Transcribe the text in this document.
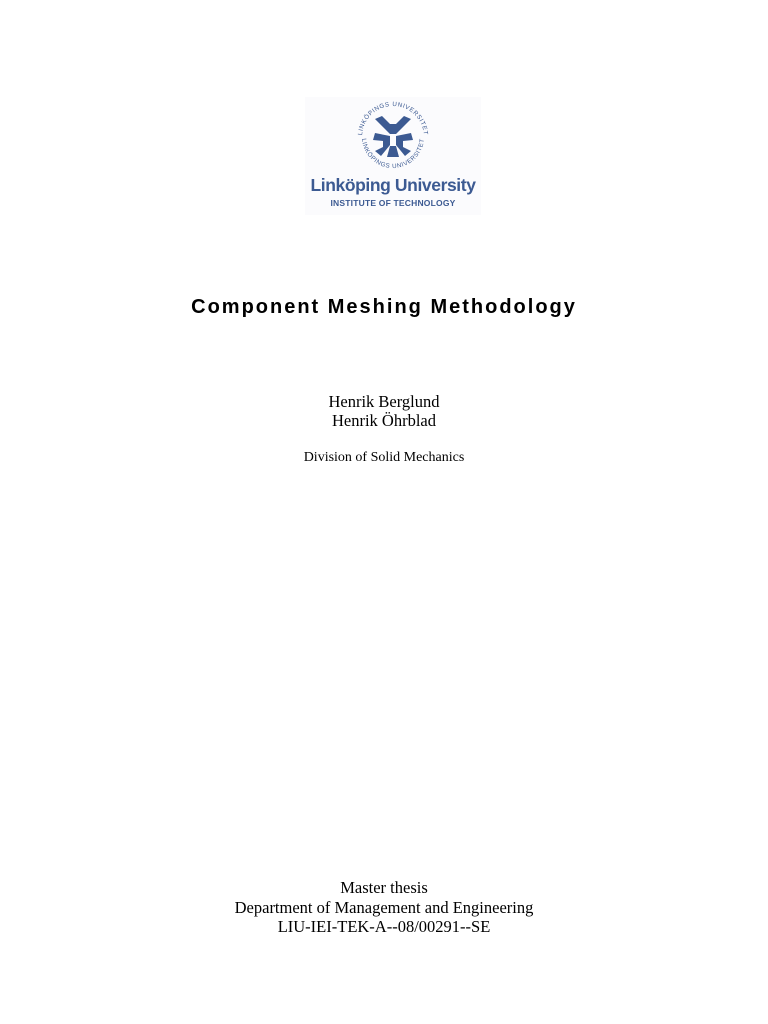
LINKÖPINGS UNIVERSITET
LINKÖPINGS UNIVERSITET
Linköping University
INSTITUTE OF TECHNOLOGY
Component Meshing Methodology
Henrik Berglund
Henrik Öhrblad
Division of Solid Mechanics
Master thesis
Department of Management and Engineering
LIU-IEI-TEK-A--08/00291--SE
